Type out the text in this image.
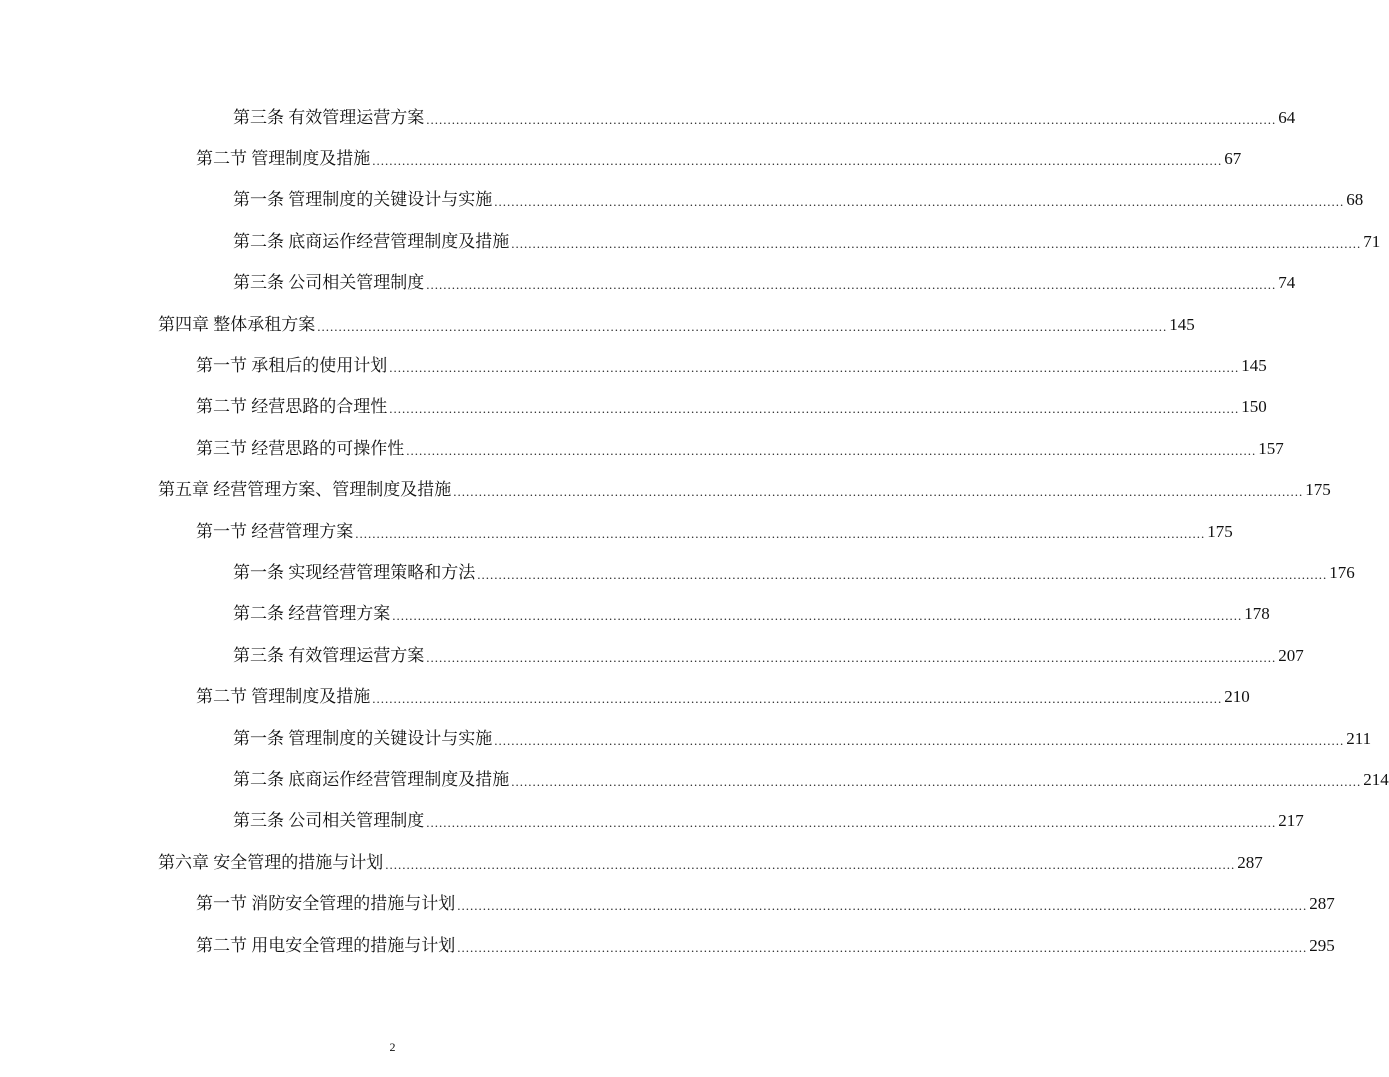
第三条 有效管理运营方案 ........................................................................................................................................................................................................ 64
第二节 管理制度及措施 ........................................................................................................................................................................................................ 67
第一条 管理制度的关键设计与实施 ........................................................................................................................................................................................................ 68
第二条 底商运作经营管理制度及措施 ........................................................................................................................................................................................................ 71
第三条 公司相关管理制度 ........................................................................................................................................................................................................ 74
第四章 整体承租方案 ........................................................................................................................................................................................................ 145
第一节 承租后的使用计划 ........................................................................................................................................................................................................ 145
第二节 经营思路的合理性 ........................................................................................................................................................................................................ 150
第三节 经营思路的可操作性 ........................................................................................................................................................................................................ 157
第五章 经营管理方案、管理制度及措施 ........................................................................................................................................................................................................ 175
第一节 经营管理方案 ........................................................................................................................................................................................................ 175
第一条 实现经营管理策略和方法 ........................................................................................................................................................................................................ 176
第二条 经营管理方案 ........................................................................................................................................................................................................ 178
第三条 有效管理运营方案 ........................................................................................................................................................................................................ 207
第二节 管理制度及措施 ........................................................................................................................................................................................................ 210
第一条 管理制度的关键设计与实施 ........................................................................................................................................................................................................ 211
第二条 底商运作经营管理制度及措施 ........................................................................................................................................................................................................ 214
第三条 公司相关管理制度 ........................................................................................................................................................................................................ 217
第六章 安全管理的措施与计划 ........................................................................................................................................................................................................ 287
第一节 消防安全管理的措施与计划 ........................................................................................................................................................................................................ 287
第二节 用电安全管理的措施与计划 ........................................................................................................................................................................................................ 295
2
